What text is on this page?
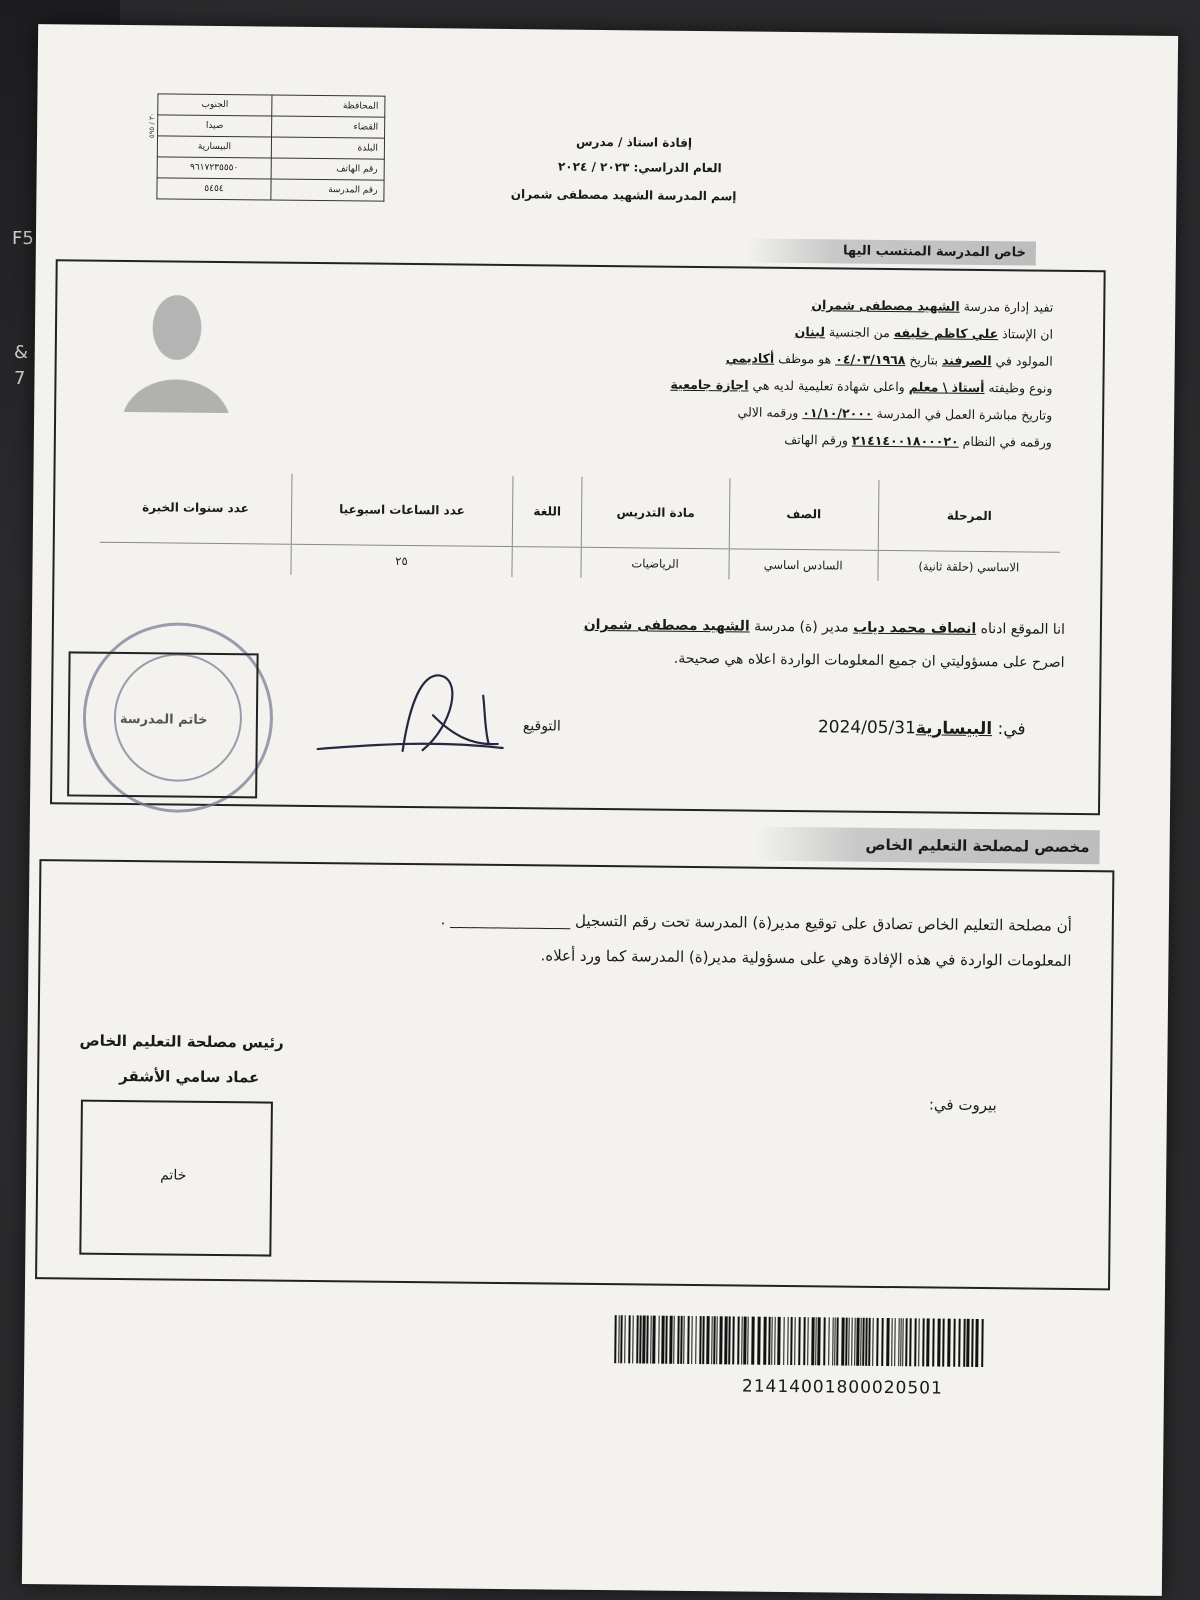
F5
& 7
الجنوب	المحافظة
صيدا	القضاء
البيسارية	البلدة
٩٦١٧٢٣٥٥٥٠	رقم الهاتف
٥٤٥٤	رقم المدرسة
٣٠ / ٥٩٥
إفادة استاذ / مدرس
العام الدراسي: ٢٠٢٣ / ٢٠٢٤
إسم المدرسة الشهيد مصطفى شمران
خاص المدرسة المنتسب اليها
تفيد إدارة مدرسة الشهيد مصطفى شمران
ان الإستاذ علي كاظم خليفه من الجنسية لبنان
المولود في الصرفند بتاريخ ٠٤/٠٣/١٩٦٨ هو موظف أكاديمي
ونوع وظيفته أستاذ \ معلم واعلى شهادة تعليمية لديه هي اجازة جامعية
وتاريخ مباشرة العمل في المدرسة ٠١/١٠/٢٠٠٠ ورقمه الالي
ورقمه في النظام ٢١٤١٤٠٠١٨٠٠٠٢٠ ورقم الهاتف
المرحلة	الصف	مادة التدريس	اللغة	عدد الساعات اسبوعيا	عدد سنوات الخبرة
الاساسي (حلقة ثانية)	السادس اساسي	الرياضيات		٢٥	
انا الموقع ادناه انصاف محمد دياب مدير (ة) مدرسة الشهيد مصطفى شمران
اصرح على مسؤوليتي ان جميع المعلومات الواردة اعلاه هي صحيحة.
2024/05/31	في: البيسارية
التوقيع
خاتم المدرسة
مخصص لمصلحة التعليم الخاص
أن مصلحة التعليم الخاص تصادق على توقيع مدير(ة) المدرسة تحت رقم التسجيل ________________ .
المعلومات الواردة في هذه الإفادة وهي على مسؤولية مدير(ة) المدرسة كما ورد أعلاه.
رئيس مصلحة التعليم الخاص
عماد سامي الأشقر
بيروت في:
خاتم
21414001800020501
